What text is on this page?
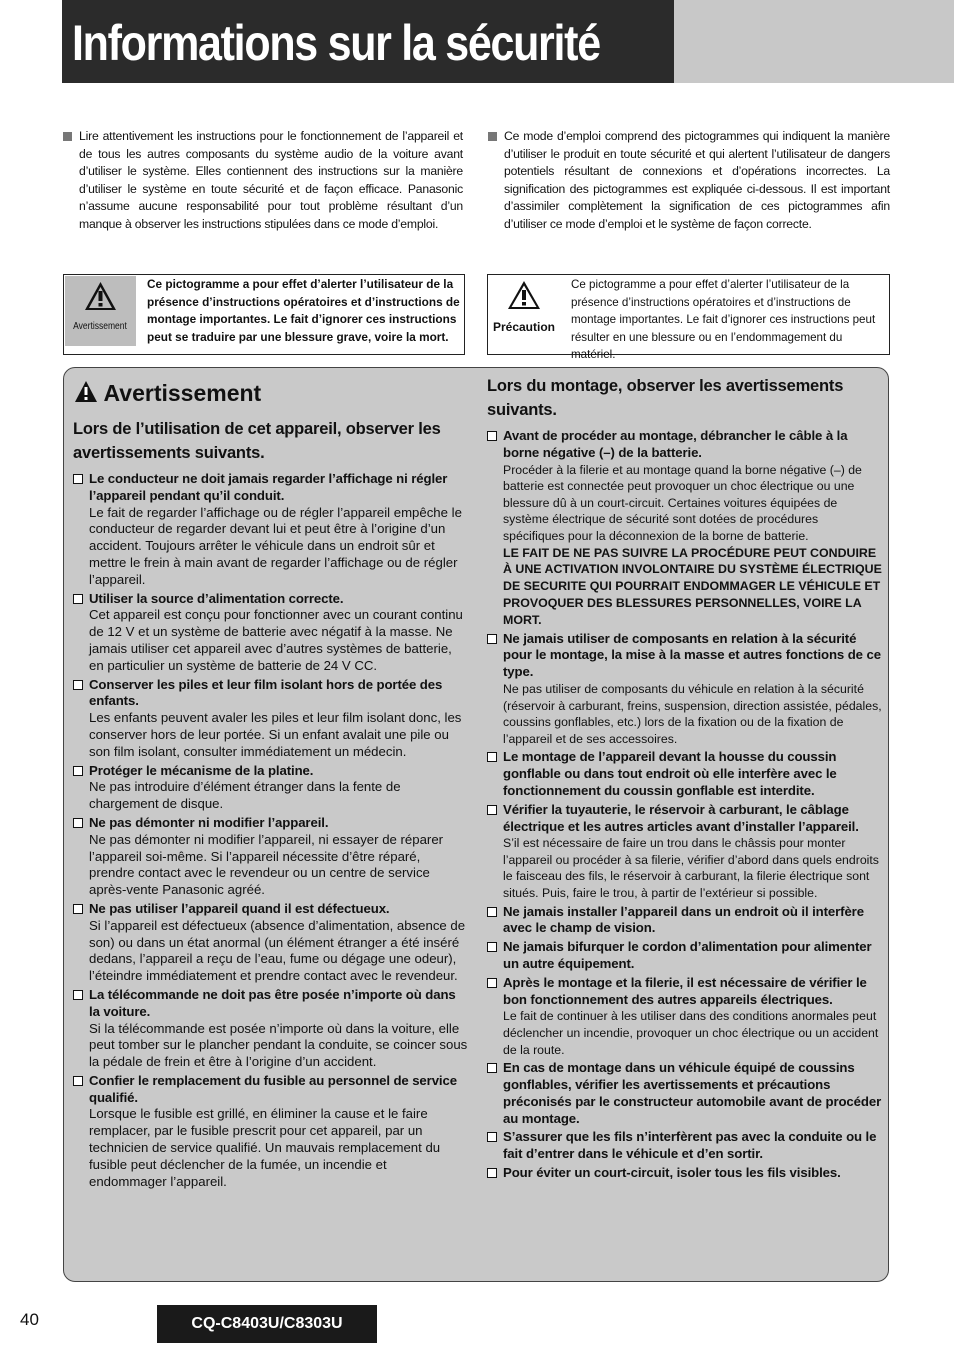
Informations sur la sécurité

Lire attentivement les instructions pour le fonctionnement de l’appareil et de tous les autres composants du système audio de la voiture avant d’utiliser le système. Elles contiennent des instructions sur la manière d’utiliser le système en toute sécurité et de façon efficace. Panasonic n’assume aucune responsabilité pour tout problème résultant d’un manque à observer les instructions stipulées dans ce mode d’emploi.

Ce mode d’emploi comprend des pictogrammes qui indiquent la manière d’utiliser le produit en toute sécurité et qui alertent l’utilisateur de dangers potentiels résultant de connexions et d’opérations incorrectes. La signification des pictogrammes est expliquée ci-dessous. Il est important d’assimiler complètement la signification de ces pictogrammes afin d’utiliser ce mode d’emploi et le système de façon correcte.

Avertissement
Ce pictogramme a pour effet d’alerter l’utilisateur de la présence d’instructions opératoires et d’instructions de montage importantes. Le fait d’ignorer ces instructions peut se traduire par une blessure grave, voire la mort.
Précaution
Ce pictogramme a pour effet d’alerter l’utilisateur de la présence d’instructions opératoires et d’instructions de montage importantes. Le fait d’ignorer ces instructions peut résulter en une blessure ou en l’endommagement du matériel.
Avertissement
Lors de l’utilisation de cet appareil, observer les avertissements suivants.
Le conducteur ne doit jamais regarder l’affichage ni régler l’appareil pendant qu’il conduit.
Le fait de regarder l’affichage ou de régler l’appareil empêche le conducteur de regarder devant lui et peut être à l’origine d’un accident. Toujours arrêter le véhicule dans un endroit sûr et mettre le frein à main avant de regarder l’affichage ou de régler l’appareil.
Utiliser la source d’alimentation correcte.
Cet appareil est conçu pour fonctionner avec un courant continu de 12 V et un système de batterie avec négatif à la masse. Ne jamais utiliser cet appareil avec d’autres systèmes de batterie, en particulier un système de batterie de 24 V CC.
Conserver les piles et leur film isolant hors de portée des enfants.
Les enfants peuvent avaler les piles et leur film isolant donc, les conserver hors de leur portée. Si un enfant avalait une pile ou son film isolant, consulter immédiatement un médecin.
Protéger le mécanisme de la platine.
Ne pas introduire d’élément étranger dans la fente de chargement de disque.
Ne pas démonter ni modifier l’appareil.
Ne pas démonter ni modifier l’appareil, ni essayer de réparer l’appareil soi-même. Si l’appareil nécessite d’être réparé, prendre contact avec le revendeur ou un centre de service après-vente Panasonic agréé.
Ne pas utiliser l’appareil quand il est défectueux.
Si l’appareil est défectueux (absence d’alimentation, absence de son) ou dans un état anormal (un élément étranger a été inséré dedans, l’appareil a reçu de l’eau, fume ou dégage une odeur), l’éteindre immédiatement et prendre contact avec le revendeur.
La télécommande ne doit pas être posée n’importe où dans la voiture.
Si la télécommande est posée n’importe où dans la voiture, elle peut tomber sur le plancher pendant la conduite, se coincer sous la pédale de frein et être à l’origine d’un accident.
Confier le remplacement du fusible au personnel de service qualifié.
Lorsque le fusible est grillé, en éliminer la cause et le faire remplacer, par le fusible prescrit pour cet appareil, par un technicien de service qualifié. Un mauvais remplacement du fusible peut déclencher de la fumée, un incendie et endommager l’appareil.
Lors du montage, observer les avertissements suivants.
Avant de procéder au montage, débrancher le câble à la borne négative (–) de la batterie.
Procéder à la filerie et au montage quand la borne négative (–) de batterie est connectée peut provoquer un choc électrique ou une blessure dû à un court-circuit. Certaines voitures équipées de système électrique de sécurité sont dotées de procédures spécifiques pour la déconnexion de la borne de batterie.
LE FAIT DE NE PAS SUIVRE LA PROCÉDURE PEUT CONDUIRE À UNE ACTIVATION INVOLONTAIRE DU SYSTÈME ÉLECTRIQUE DE SECURITE QUI POURRAIT ENDOMMAGER LE VÉHICULE ET PROVOQUER DES BLESSURES PERSONNELLES, VOIRE LA MORT.
Ne jamais utiliser de composants en relation à la sécurité pour le montage, la mise à la masse et autres fonctions de ce type.
Ne pas utiliser de composants du véhicule en relation à la sécurité (réservoir à carburant, freins, suspension, direction assistée, pédales, coussins gonflables, etc.) lors de la fixation ou de la fixation de l’appareil et de ses accessoires.
Le montage de l’appareil devant la housse du coussin gonflable ou dans tout endroit où elle interfère avec le fonctionnement du coussin gonflable est interdite.
Vérifier la tuyauterie, le réservoir à carburant, le câblage électrique et les autres articles avant d’installer l’appareil.
S’il est nécessaire de faire un trou dans le châssis pour monter l’appareil ou procéder à sa filerie, vérifier d’abord dans quels endroits le faisceau des fils, le réservoir à carburant, la filerie électrique sont situés. Puis, faire le trou, à partir de l’extérieur si possible.
Ne jamais installer l’appareil dans un endroit où il interfère avec le champ de vision.
Ne jamais bifurquer le cordon d’alimentation pour alimenter un autre équipement.
Après le montage et la filerie, il est nécessaire de vérifier le bon fonctionnement des autres appareils électriques.
Le fait de continuer à les utiliser dans des conditions anormales peut déclencher un incendie, provoquer un choc électrique ou un accident de la route.
En cas de montage dans un véhicule équipé de coussins gonflables, vérifier les avertissements et précautions préconisés par le constructeur automobile avant de procéder au montage.
S’assurer que les fils n’interfèrent pas avec la conduite ou le fait d’entrer dans le véhicule et d’en sortir.
Pour éviter un court-circuit, isoler tous les fils visibles.
40	CQ-C8403U/C8303U
